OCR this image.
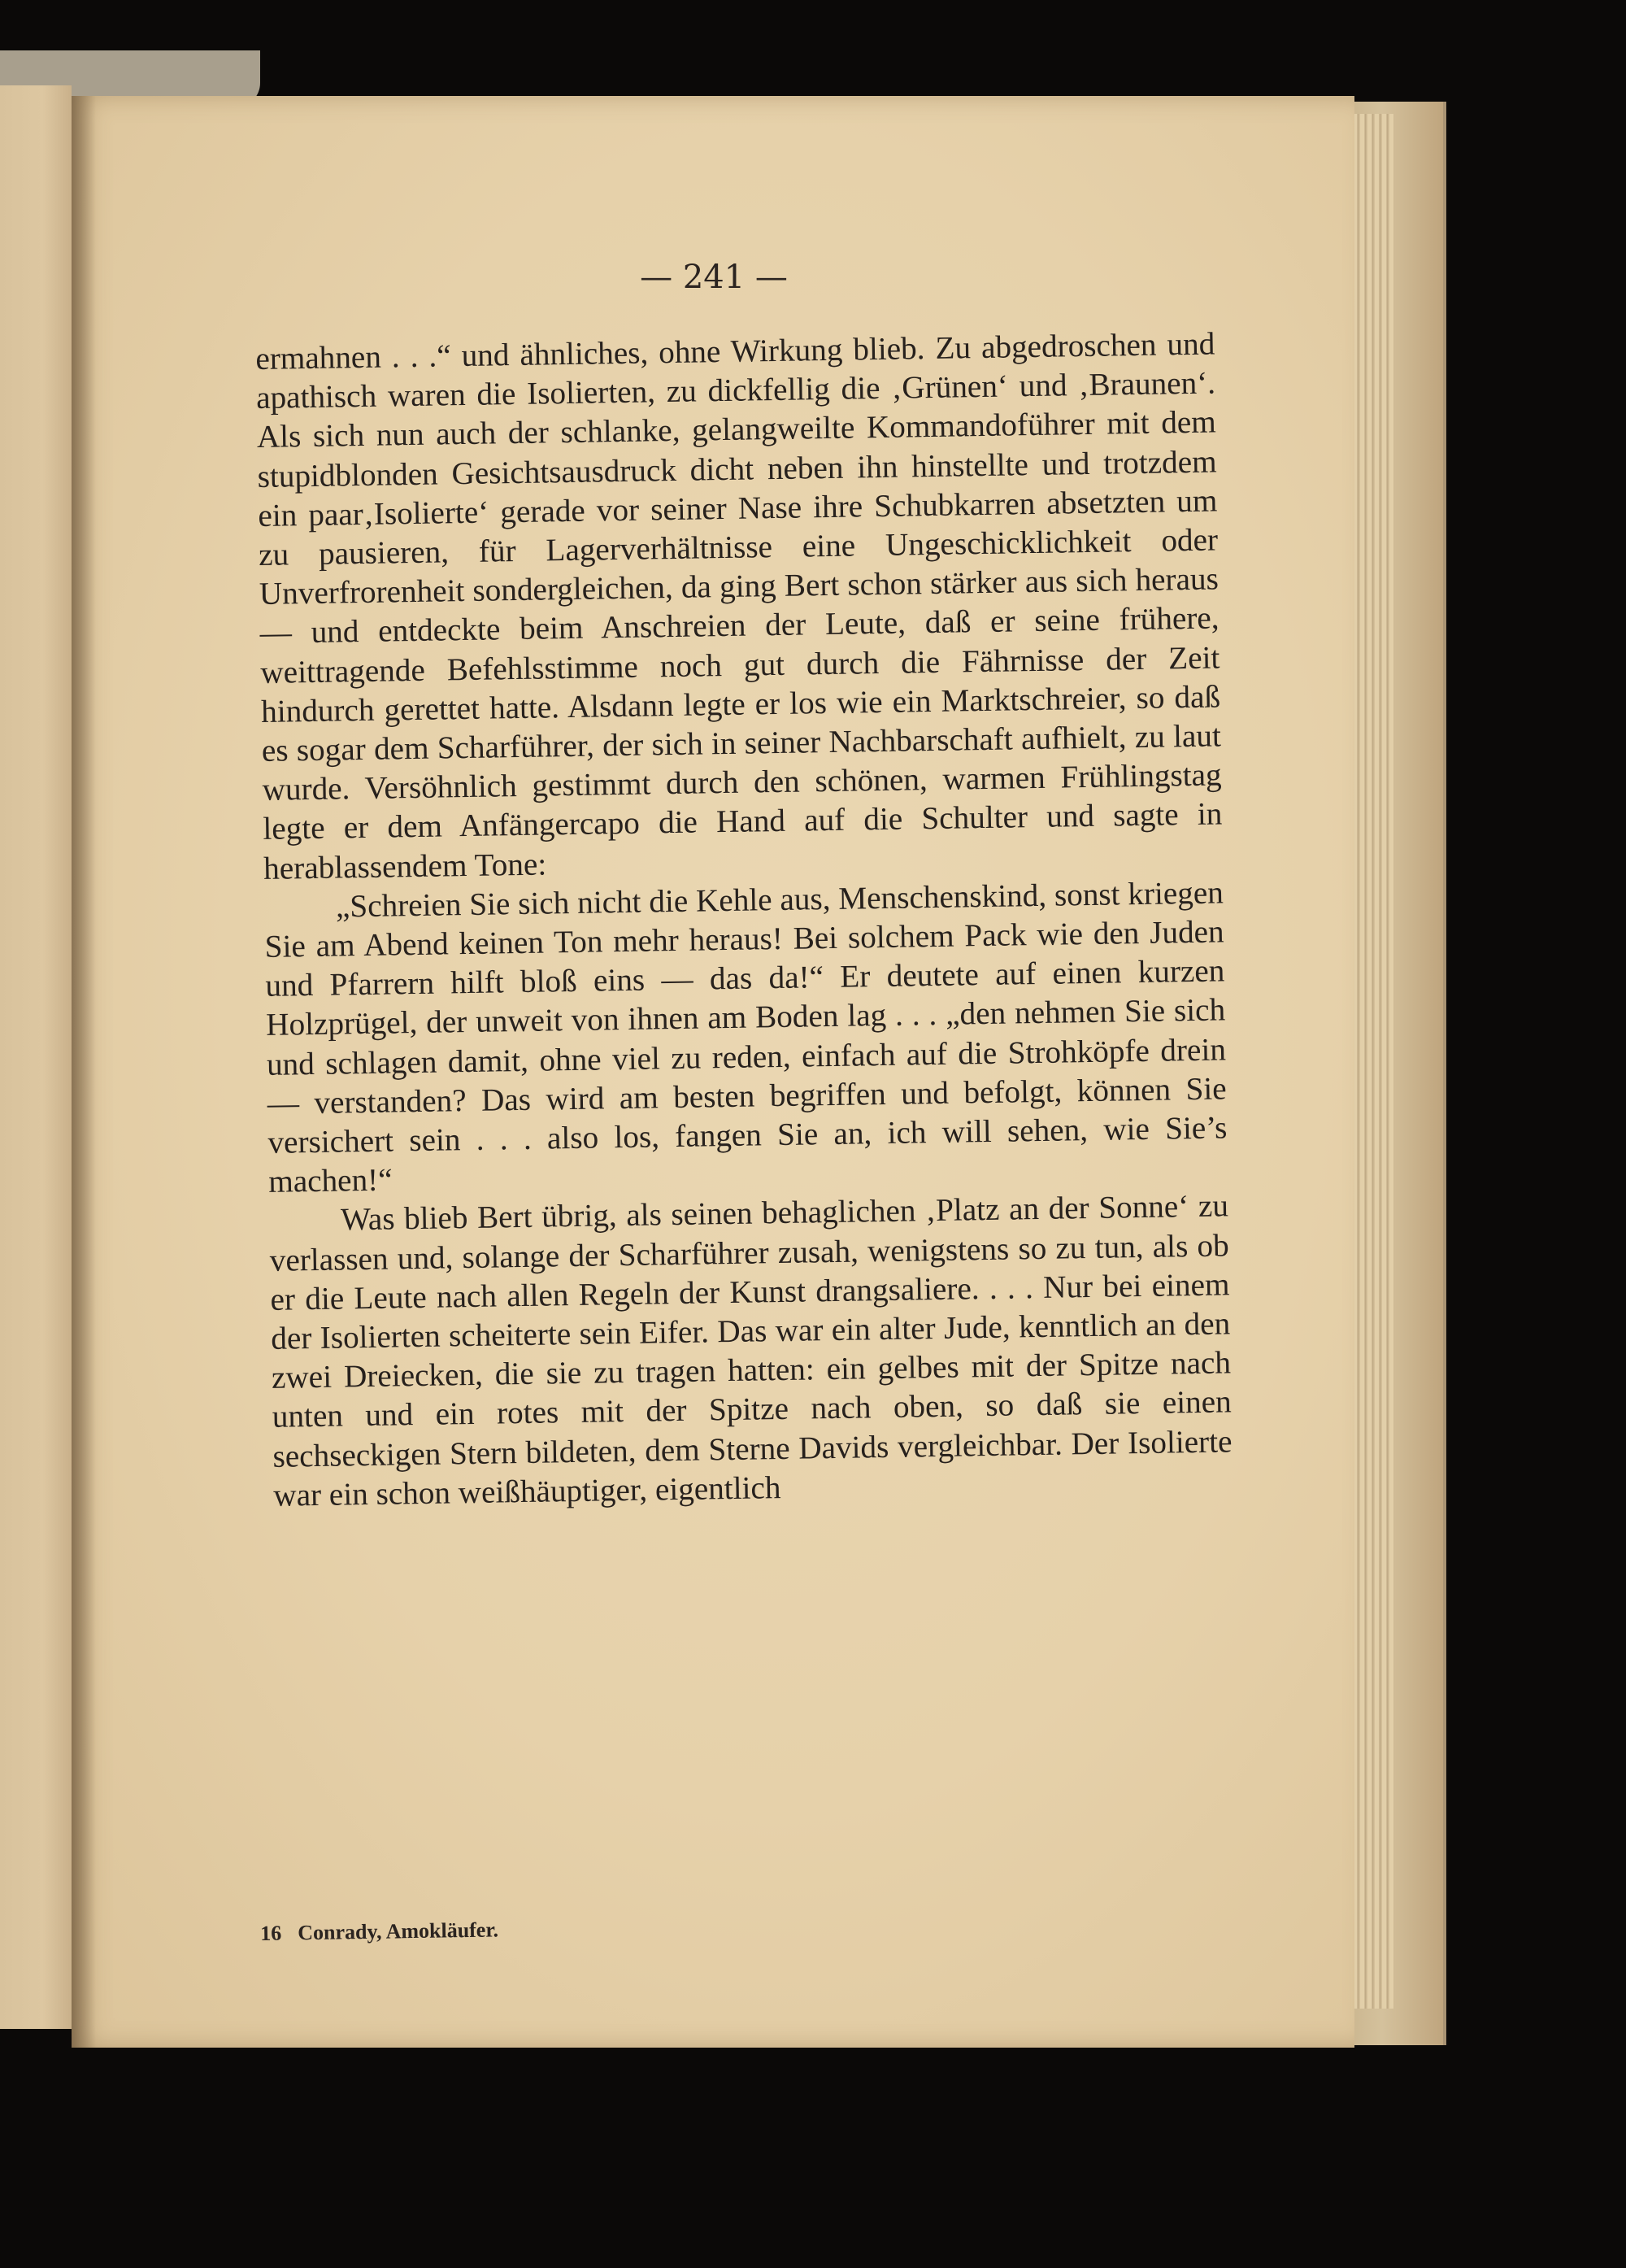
— 241 —

ermahnen . . .“ und ähnliches, ohne Wirkung blieb. Zu abgedroschen und apathisch waren die Isolierten, zu dickfellig die ‚Grünen‘ und ‚Braunen‘. Als sich nun auch der schlanke, gelangweilte Kommandoführer mit dem stupidblonden Gesichtsausdruck dicht neben ihn hinstellte und trotzdem ein paar‚Isolierte‘ gerade vor seiner Nase ihre Schubkarren absetzten um zu pausieren, für Lagerverhältnisse eine Ungeschicklichkeit oder Unverfrorenheit sondergleichen, da ging Bert schon stärker aus sich heraus — und entdeckte beim Anschreien der Leute, daß er seine frühere, weittragende Befehlsstimme noch gut durch die Fährnisse der Zeit hindurch gerettet hatte. Alsdann legte er los wie ein Marktschreier, so daß es sogar dem Scharführer, der sich in seiner Nachbarschaft aufhielt, zu laut wurde. Versöhnlich gestimmt durch den schönen, warmen Frühlingstag legte er dem Anfängercapo die Hand auf die Schulter und sagte in herablassendem Tone:

„Schreien Sie sich nicht die Kehle aus, Menschenskind, sonst kriegen Sie am Abend keinen Ton mehr heraus! Bei solchem Pack wie den Juden und Pfarrern hilft bloß eins — das da!“ Er deutete auf einen kurzen Holzprügel, der unweit von ihnen am Boden lag . . . „den nehmen Sie sich und schlagen damit, ohne viel zu reden, einfach auf die Strohköpfe drein — verstanden? Das wird am besten begriffen und befolgt, können Sie versichert sein . . . also los, fangen Sie an, ich will sehen, wie Sie’s machen!“

Was blieb Bert übrig, als seinen behaglichen ‚Platz an der Sonne‘ zu verlassen und, solange der Scharführer zusah, wenigstens so zu tun, als ob er die Leute nach allen Regeln der Kunst drangsaliere. . . . Nur bei einem der Isolierten scheiterte sein Eifer. Das war ein alter Jude, kenntlich an den zwei Dreiecken, die sie zu tragen hatten: ein gelbes mit der Spitze nach unten und ein rotes mit der Spitze nach oben, so daß sie einen sechseckigen Stern bildeten, dem Sterne Davids vergleichbar. Der Isolierte war ein schon weißhäuptiger, eigentlich

16 Conrady, Amokläufer.
